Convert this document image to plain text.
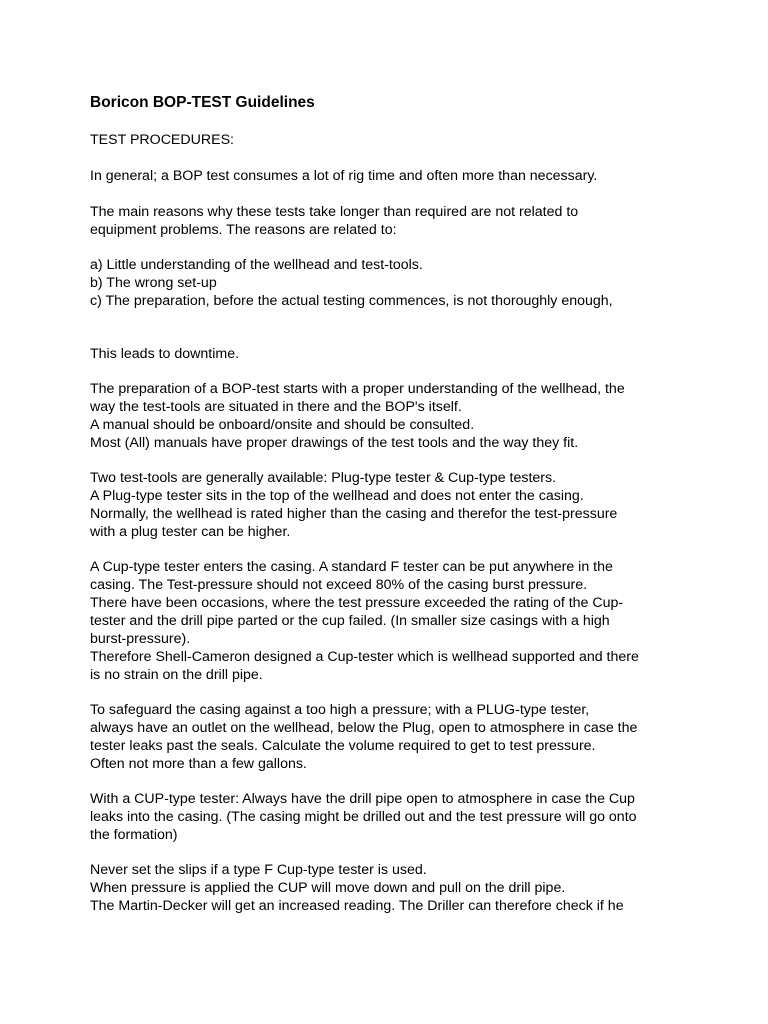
Boricon BOP-TEST Guidelines
TEST PROCEDURES:
In general; a BOP test consumes a lot of rig time and often more than necessary.
The main reasons why these tests take longer than required are not related to
equipment problems. The reasons are related to:
a) Little understanding of the wellhead and test-tools.
b) The wrong set-up
c) The preparation, before the actual testing commences, is not thoroughly enough,
This leads to downtime.
The preparation of a BOP-test starts with a proper understanding of the wellhead, the
way the test-tools are situated in there and the BOP's itself.
A manual should be onboard/onsite and should be consulted.
Most (All) manuals have proper drawings of the test tools and the way they fit.
Two test-tools are generally available: Plug-type tester & Cup-type testers.
A Plug-type tester sits in the top of the wellhead and does not enter the casing.
Normally, the wellhead is rated higher than the casing and therefor the test-pressure
with a plug tester can be higher.
A Cup-type tester enters the casing. A standard F tester can be put anywhere in the
casing. The Test-pressure should not exceed 80% of the casing burst pressure.
There have been occasions, where the test pressure exceeded the rating of the Cup-
tester and the drill pipe parted or the cup failed. (In smaller size casings with a high
burst-pressure).
Therefore Shell-Cameron designed a Cup-tester which is wellhead supported and there
is no strain on the drill pipe.
To safeguard the casing against a too high a pressure; with a PLUG-type tester,
always have an outlet on the wellhead, below the Plug, open to atmosphere in case the
tester leaks past the seals. Calculate the volume required to get to test pressure.
Often not more than a few gallons.
With a CUP-type tester: Always have the drill pipe open to atmosphere in case the Cup
leaks into the casing. (The casing might be drilled out and the test pressure will go onto
the formation)
Never set the slips if a type F Cup-type tester is used.
When pressure is applied the CUP will move down and pull on the drill pipe.
The Martin-Decker will get an increased reading. The Driller can therefore check if he
